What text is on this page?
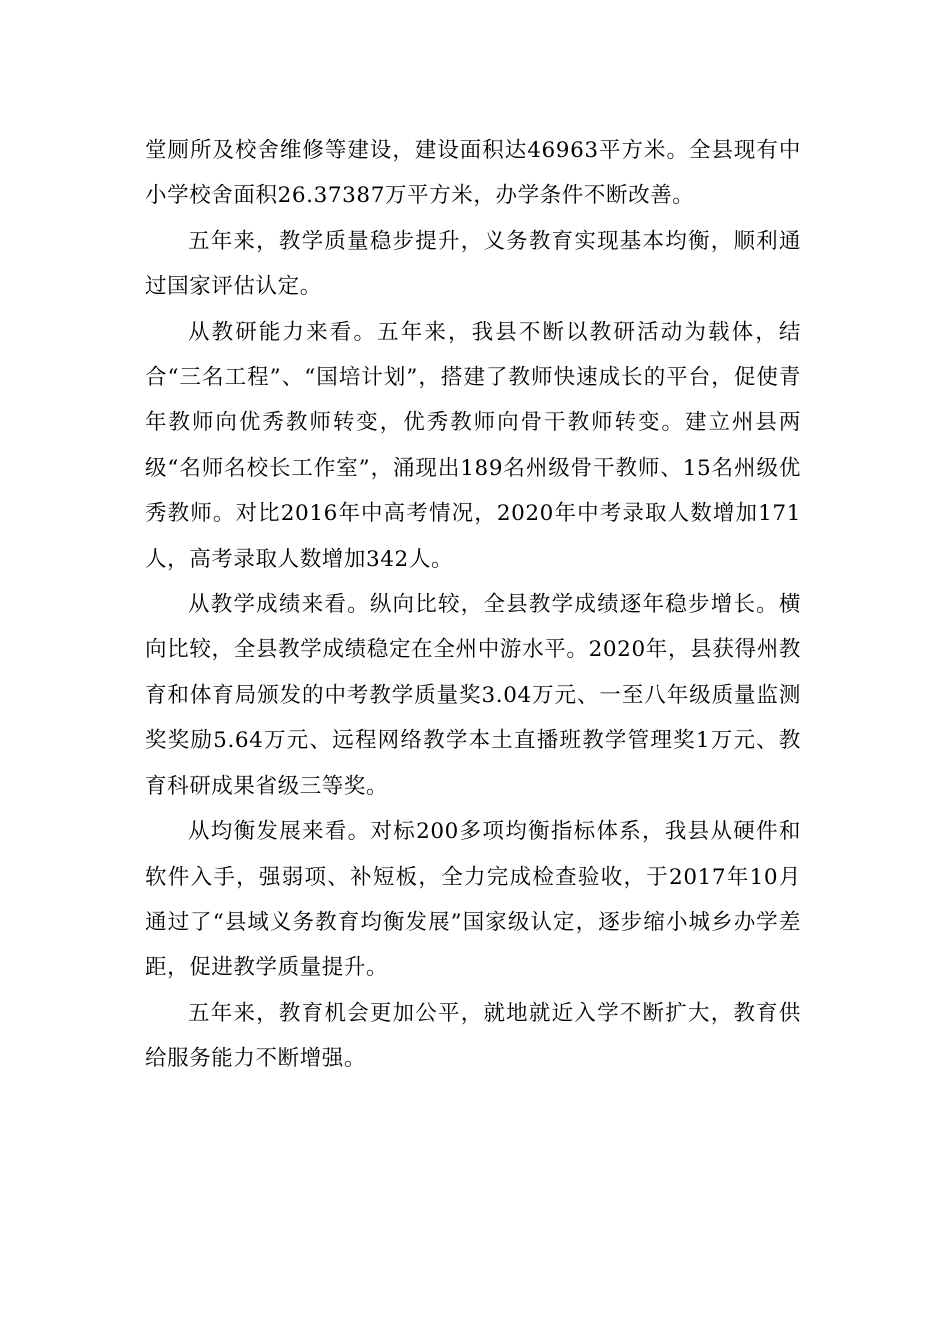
堂厕所及校舍维修等建设，建设面积达46963平方米。全县现有中小学校舍面积26.37387万平方米，办学条件不断改善。

五年来，教学质量稳步提升，义务教育实现基本均衡，顺利通过国家评估认定。

从教研能力来看。五年来，我县不断以教研活动为载体，结合“三名工程”、“国培计划”，搭建了教师快速成长的平台，促使青年教师向优秀教师转变，优秀教师向骨干教师转变。建立州县两级“名师名校长工作室”，涌现出189名州级骨干教师、15名州级优秀教师。对比2016年中高考情况，2020年中考录取人数增加171人，高考录取人数增加342人。

从教学成绩来看。纵向比较，全县教学成绩逐年稳步增长。横向比较，全县教学成绩稳定在全州中游水平。2020年，县获得州教育和体育局颁发的中考教学质量奖3.04万元、一至八年级质量监测奖奖励5.64万元、远程网络教学本土直播班教学管理奖1万元、教育科研成果省级三等奖。

从均衡发展来看。对标200多项均衡指标体系，我县从硬件和软件入手，强弱项、补短板，全力完成检查验收，于2017年10月通过了“县域义务教育均衡发展”国家级认定，逐步缩小城乡办学差距，促进教学质量提升。

五年来，教育机会更加公平，就地就近入学不断扩大，教育供给服务能力不断增强。
